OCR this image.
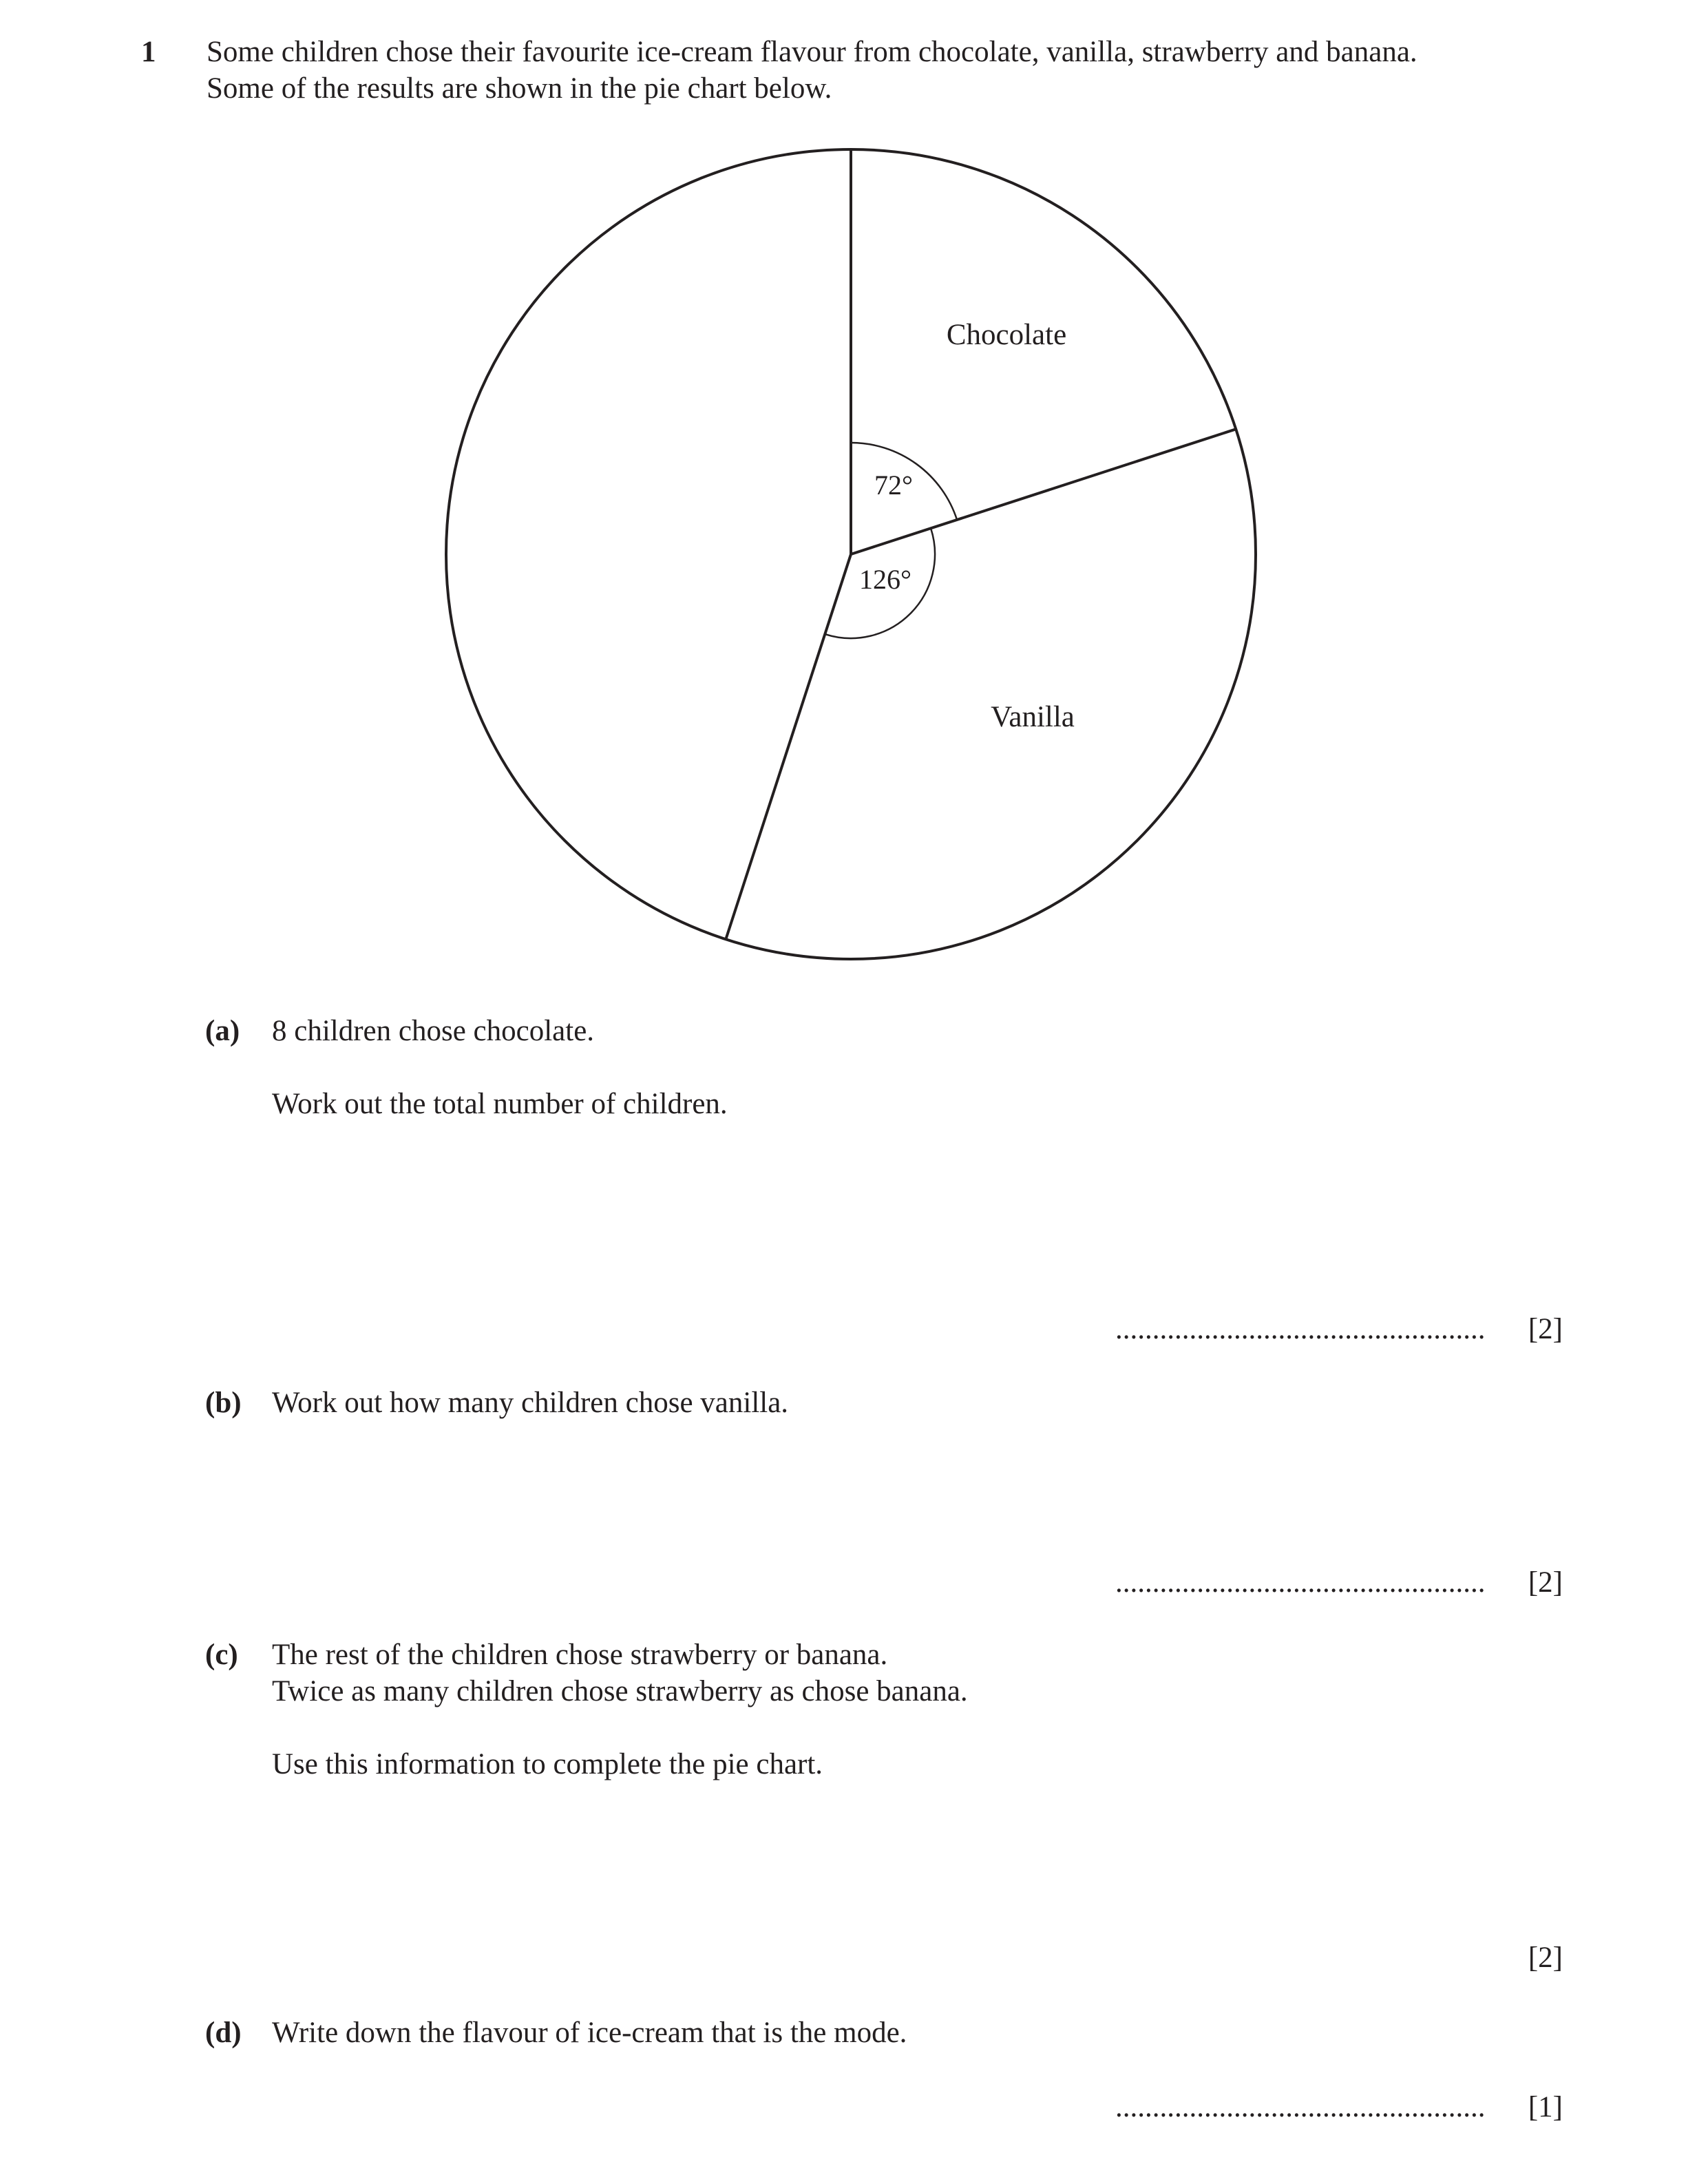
1 Some children chose their favourite ice-cream flavour from chocolate, vanilla, strawberry and banana.
Some of the results are shown in the pie chart below.
72°
Chocolate
126°
Vanilla
(a) 8 children chose chocolate.
Work out the total number of children.
..................................................	[2]
(b) Work out how many children chose vanilla.
..................................................	[2]
(c) The rest of the children chose strawberry or banana.
Twice as many children chose strawberry as chose banana.
Use this information to complete the pie chart.
[2]
(d) Write down the flavour of ice-cream that is the mode.
..................................................	[1]
